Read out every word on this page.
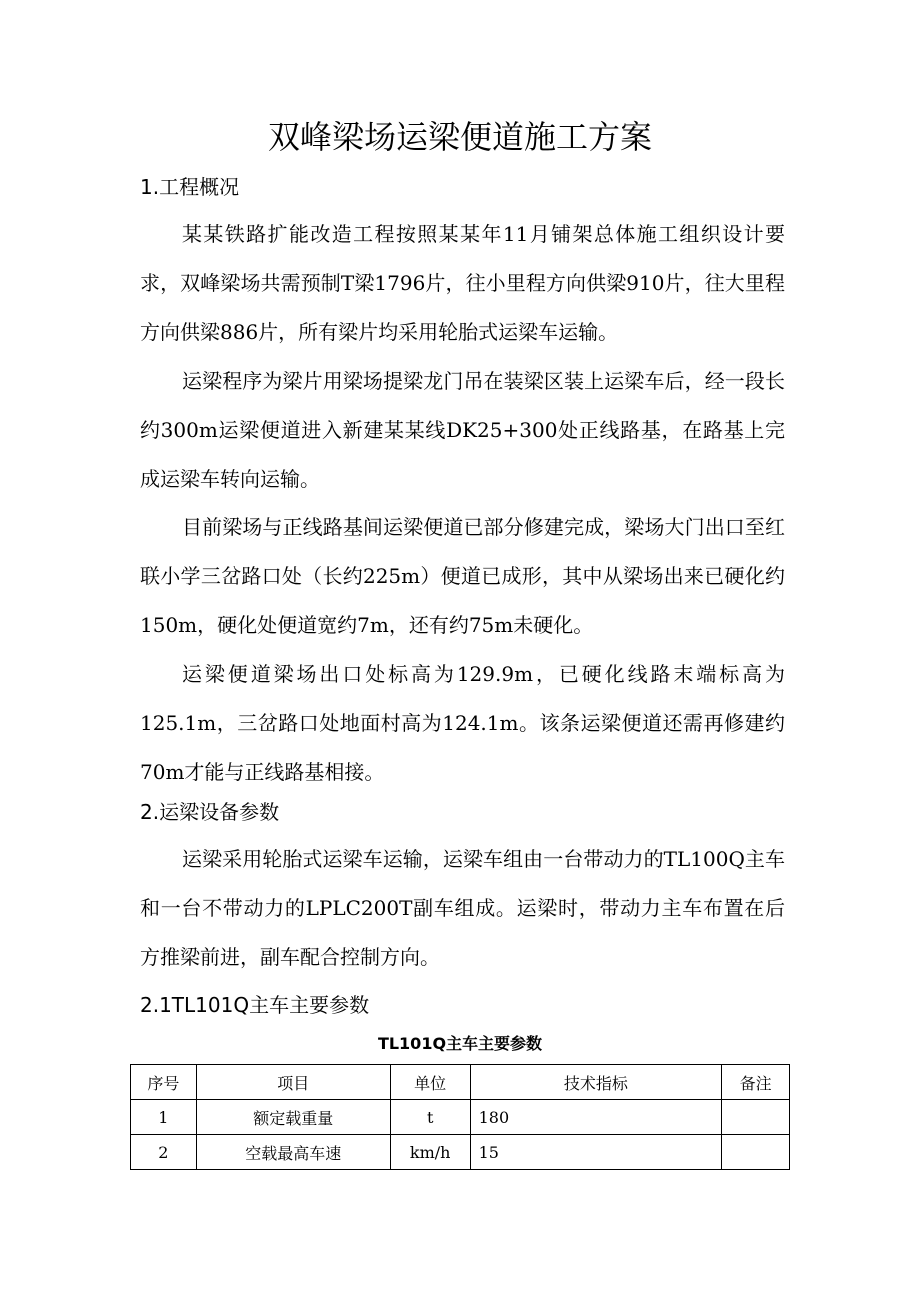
双峰梁场运梁便道施工方案
1.工程概况

某某铁路扩能改造工程按照某某年11月铺架总体施工组织设计要求，双峰梁场共需预制T梁1796片，往小里程方向供梁910片，往大里程方向供梁886片，所有梁片均采用轮胎式运梁车运输。

运梁程序为梁片用梁场提梁龙门吊在装梁区装上运梁车后，经一段长约300m运梁便道进入新建某某线DK25+300处正线路基，在路基上完成运梁车转向运输。

目前梁场与正线路基间运梁便道已部分修建完成，梁场大门出口至红联小学三岔路口处（长约225m）便道已成形，其中从梁场出来已硬化约150m，硬化处便道宽约7m，还有约75m未硬化。

运梁便道梁场出口处标高为129.9m，已硬化线路末端标高为125.1m，三岔路口处地面村高为124.1m。该条运梁便道还需再修建约70m才能与正线路基相接。

2.运梁设备参数

运梁采用轮胎式运梁车运输，运梁车组由一台带动力的TL100Q主车和一台不带动力的LPLC200T副车组成。运梁时，带动力主车布置在后方推梁前进，副车配合控制方向。

2.1TL101Q主车主要参数
TL101Q主车主要参数
序号	项目	单位	技术指标	备注
1	额定载重量	t	180	
2	空载最高车速	km/h	15	
